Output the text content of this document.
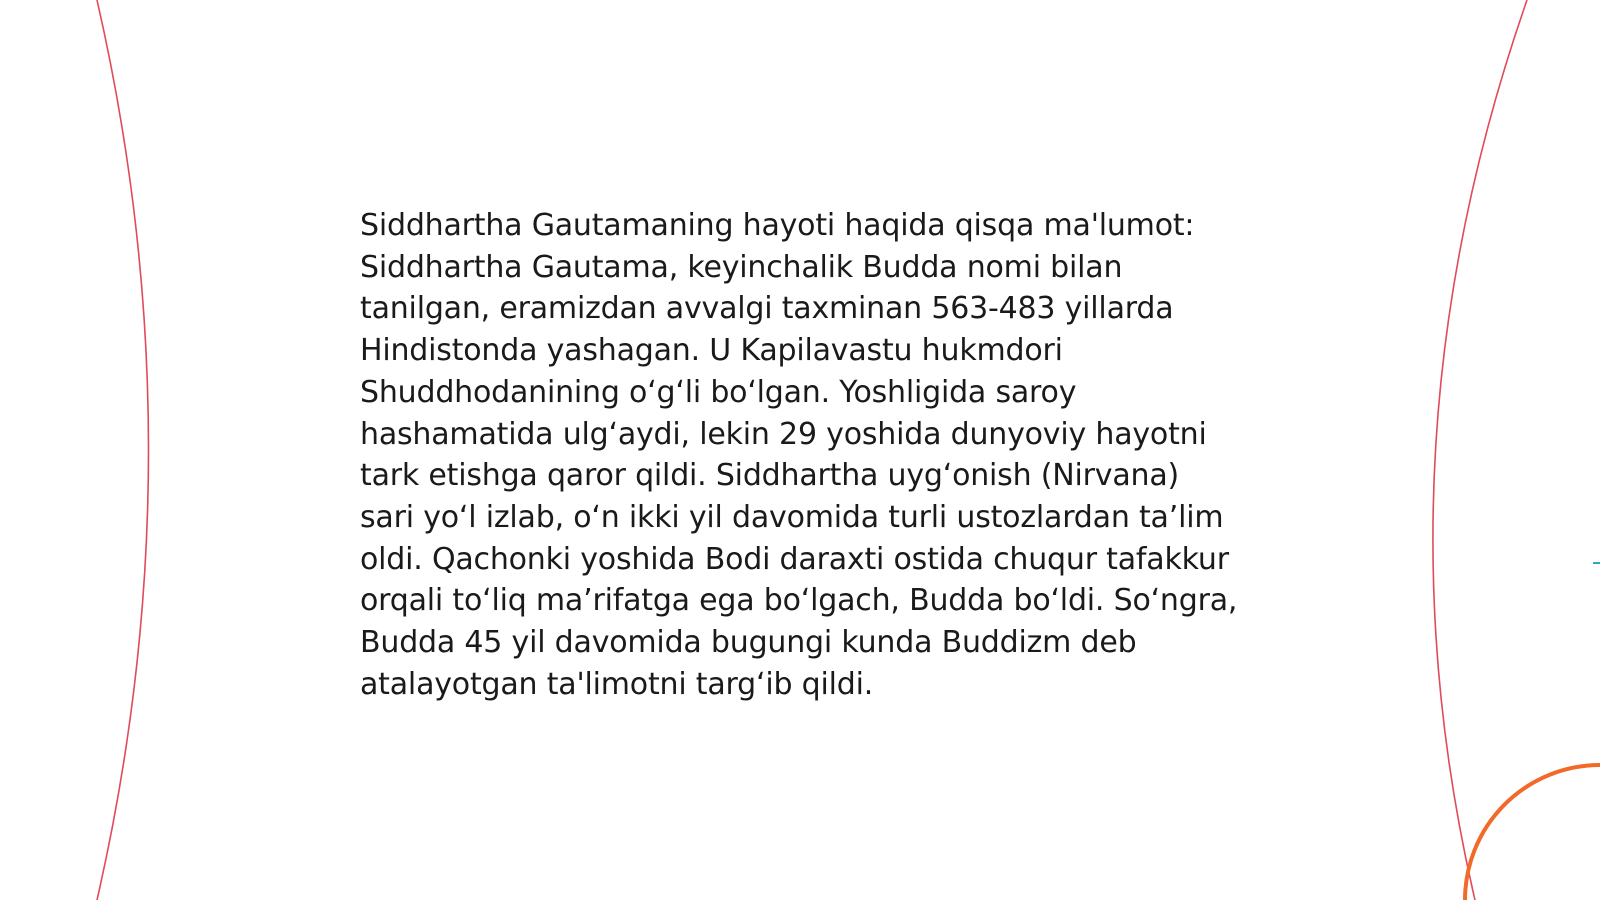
Siddhartha Gautamaning hayoti haqida qisqa ma'lumot: Siddhartha Gautama, keyinchalik Budda nomi bilan tanilgan, eramizdan avvalgi taxminan 563-483 yillarda Hindistonda yashagan. U Kapilavastu hukmdori Shuddhodanining o‘g‘li bo‘lgan. Yoshligida saroy hashamatida ulg‘aydi, lekin 29 yoshida dunyoviy hayotni tark etishga qaror qildi. Siddhartha uyg‘onish (Nirvana) sari yo‘l izlab, o‘n ikki yil davomida turli ustozlardan ta’lim oldi. Qachonki yoshida Bodi daraxti ostida chuqur tafakkur orqali to‘liq ma’rifatga ega bo‘lgach, Budda bo‘ldi. So‘ngra, Budda 45 yil davomida bugungi kunda Buddizm deb atalayotgan ta'limotni targ‘ib qildi.
